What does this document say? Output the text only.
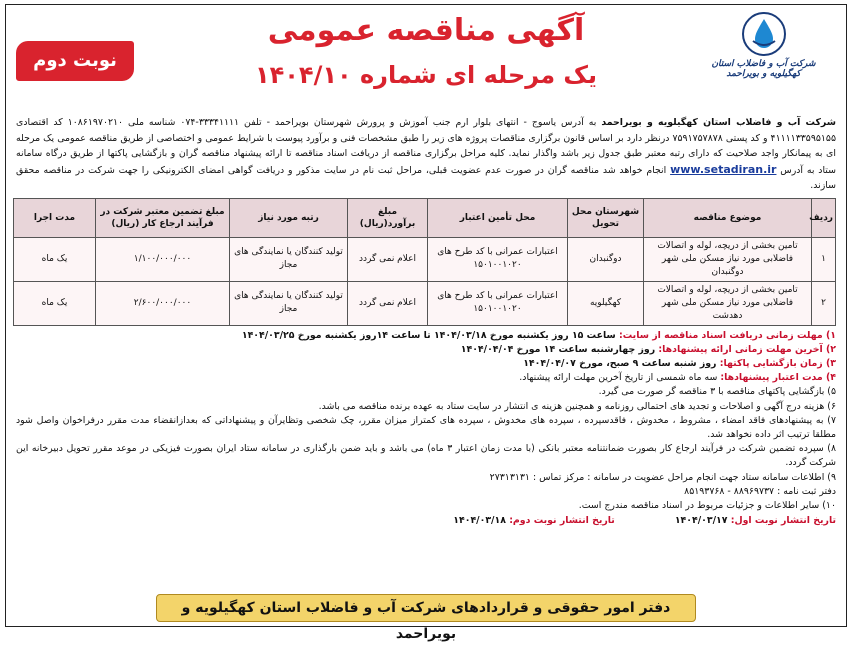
شرکت آب و فاضلاب استان کهگیلویه و بویراحمد
آگهی مناقصه عمومی
یک مرحله ای شماره ۱۴۰۴/۱۰
نوبت دوم
شرکت آب و فاضلاب استان کهگیلویه و بویراحمد به آدرس یاسوج - انتهای بلوار ارم جنب آموزش و پرورش شهرستان بویراحمد - تلفن ۳۳۳۴۱۱۱۱-۰۷۴ شناسه ملی ۱۰۸۶۱۹۷۰۲۱۰ کد اقتصادی ۴۱۱۱۱۳۳۵۹۵۱۵۵ و کد پستی ۷۵۹۱۷۵۷۸۷۸ درنظر دارد بر اساس قانون برگزاری مناقصات پروژه های زیر را طبق مشخصات فنی و برآورد پیوست با شرایط عمومی و اختصاصی از طریق مناقصه عمومی یک مرحله ای به پیمانکار واجد صلاحیت که دارای رتبه معتبر طبق جدول زیر باشد واگذار نماید. کلیه مراحل برگزاری مناقصه از دریافت اسناد مناقصه تا ارائه پیشنهاد مناقصه گران و بازگشایی پاکتها از طریق درگاه سامانه ستاد به آدرس www.setadiran.ir انجام خواهد شد مناقصه گران در صورت عدم عضویت قبلی، مراحل ثبت نام در سایت مذکور و دریافت گواهی امضای الکترونیکی را جهت شرکت در مناقصه محقق سازند.
ردیف	موضوع مناقصه	شهرستان محل تحویل	محل تأمین اعتبار	مبلغ برآورد(ریال)	رتبه مورد نیاز	مبلغ تضمین معتبر شرکت در فرآیند ارجاع کار (ریال)	مدت اجرا
۱	تامین بخشی از دریچه، لوله و اتصالات فاضلابی مورد نیاز مسکن ملی شهر دوگنبدان	دوگنبدان	اعتبارات عمرانی با کد طرح های ۱۵۰۱۰۰۱۰۲۰	اعلام نمی گردد	تولید کنندگان یا نمایندگی های مجاز	۱/۱۰۰/۰۰۰/۰۰۰	یک ماه
۲	تامین بخشی از دریچه، لوله و اتصالات فاضلابی مورد نیاز مسکن ملی شهر دهدشت	کهگیلویه	اعتبارات عمرانی با کد طرح های ۱۵۰۱۰۰۱۰۲۰	اعلام نمی گردد	تولید کنندگان یا نمایندگی های مجاز	۲/۶۰۰/۰۰۰/۰۰۰	یک ماه
۱) مهلت زمانی دریافت اسناد مناقصه از سایت: ساعت ۱۵ روز یکشنبه مورخ ۱۴۰۴/۰۳/۱۸ تا ساعت ۱۴روز یکشنبه مورخ ۱۴۰۴/۰۳/۲۵
۲) آخرین مهلت زمانی ارائه پیشنهادها: روز چهارشنبه ساعت ۱۴ مورخ ۱۴۰۴/۰۴/۰۴
۳) زمان بازگشایی پاکتها: روز شنبه ساعت ۹ صبح، مورخ ۱۴۰۴/۰۴/۰۷
۴) مدت اعتبار پیشنهادها: سه ماه شمسی از تاریخ آخرین مهلت ارائه پیشنهاد.
۵) بازگشایی پاکتهای مناقصه با ۳ مناقصه گر صورت می گیرد.
۶) هزینه درج آگهی و اصلاحات و تجدید های احتمالی روزنامه و همچنین هزینه ی انتشار در سایت ستاد به عهده برنده مناقصه می باشد.
۷) به پیشنهادهای فاقد امضاء ، مشروط ، مخدوش ، فاقدسپرده ، سپرده های مخدوش ، سپرده های کمتراز میزان مقرر، چک شخصی وتظایرآن و پیشنهاداتی که بعدازانقضاء مدت مقرر درفراخوان واصل شود مطلقا ترتیب اثر داده نخواهد شد.
۸) سپرده تضمین شرکت در فرآیند ارجاع کار بصورت ضمانتنامه معتبر بانکی (با مدت زمان اعتبار ۳ ماه) می باشد و باید ضمن بارگذاری در سامانه ستاد ایران بصورت فیزیکی در موعد مقرر تحویل دبیرخانه این شرکت گردد.
۹) اطلاعات سامانه ستاد جهت انجام مراحل عضویت در سامانه : مرکز تماس : ۲۷۳۱۳۱۳۱
دفتر ثبت نامه : ۸۸۹۶۹۷۳۷ - ۸۵۱۹۳۷۶۸
۱۰) سایر اطلاعات و جزئیات مربوط در اسناد مناقصه مندرج است.
تاریخ انتشار نوبت اول: ۱۴۰۴/۰۳/۱۷
تاریخ انتشار نوبت دوم: ۱۴۰۴/۰۳/۱۸
دفتر امور حقوقی و قراردادهای شرکت آب و فاضلاب استان کهگیلویه و بویراحمد
